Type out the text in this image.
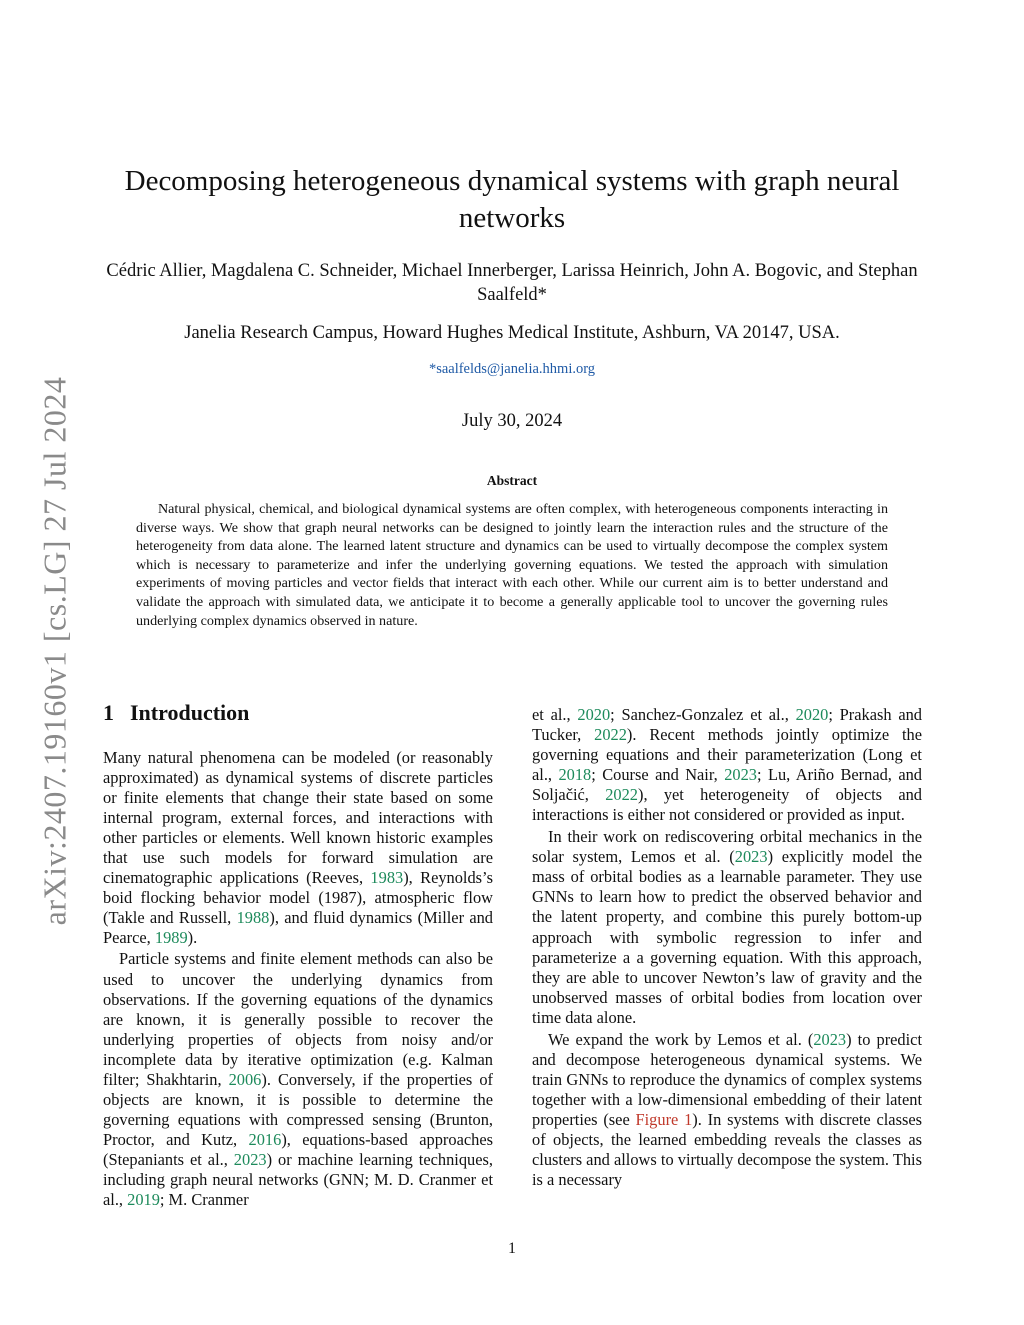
arXiv:2407.19160v1 [cs.LG] 27 Jul 2024
Decomposing heterogeneous dynamical systems with graph neural networks
Cédric Allier, Magdalena C. Schneider, Michael Innerberger, Larissa Heinrich, John A. Bogovic, and Stephan Saalfeld*
Janelia Research Campus, Howard Hughes Medical Institute, Ashburn, VA 20147, USA.
*saalfelds@janelia.hhmi.org
July 30, 2024
Abstract

Natural physical, chemical, and biological dynamical systems are often complex, with heterogeneous components interacting in diverse ways. We show that graph neural networks can be designed to jointly learn the interaction rules and the structure of the heterogeneity from data alone. The learned latent structure and dynamics can be used to virtually decompose the complex system which is necessary to parameterize and infer the underlying governing equations. We tested the approach with simulation experiments of moving particles and vector fields that interact with each other. While our current aim is to better understand and validate the approach with simulated data, we anticipate it to become a generally applicable tool to uncover the governing rules underlying complex dynamics observed in nature.

1 Introduction

Many natural phenomena can be modeled (or reasonably approximated) as dynamical systems of discrete particles or finite elements that change their state based on some internal program, external forces, and interactions with other particles or elements. Well known historic examples that use such models for forward simulation are cinematographic applications (Reeves, 1983), Reynolds’s boid flocking behavior model (1987), atmospheric flow (Takle and Russell, 1988), and fluid dynamics (Miller and Pearce, 1989).

Particle systems and finite element methods can also be used to uncover the underlying dynamics from observations. If the governing equations of the dynamics are known, it is generally possible to recover the underlying properties of objects from noisy and/or incomplete data by iterative optimization (e.g. Kalman filter; Shakhtarin, 2006). Conversely, if the properties of objects are known, it is possible to determine the governing equations with compressed sensing (Brunton, Proctor, and Kutz, 2016), equations-based approaches (Stepaniants et al., 2023) or machine learning techniques, including graph neural networks (GNN; M. D. Cranmer et al., 2019; M. Cranmer

et al., 2020; Sanchez-Gonzalez et al., 2020; Prakash and Tucker, 2022). Recent methods jointly optimize the governing equations and their parameterization (Long et al., 2018; Course and Nair, 2023; Lu, Ariño Bernad, and Soljačić, 2022), yet heterogeneity of objects and interactions is either not considered or provided as input.

In their work on rediscovering orbital mechanics in the solar system, Lemos et al. (2023) explicitly model the mass of orbital bodies as a learnable parameter. They use GNNs to learn how to predict the observed behavior and the latent property, and combine this purely bottom-up approach with symbolic regression to infer and parameterize a a governing equation. With this approach, they are able to uncover Newton’s law of gravity and the unobserved masses of orbital bodies from location over time data alone.

We expand the work by Lemos et al. (2023) to predict and decompose heterogeneous dynamical systems. We train GNNs to reproduce the dynamics of complex systems together with a low-dimensional embedding of their latent properties (see Figure 1). In systems with discrete classes of objects, the learned embedding reveals the classes as clusters and allows to virtually decompose the system. This is a necessary

1
